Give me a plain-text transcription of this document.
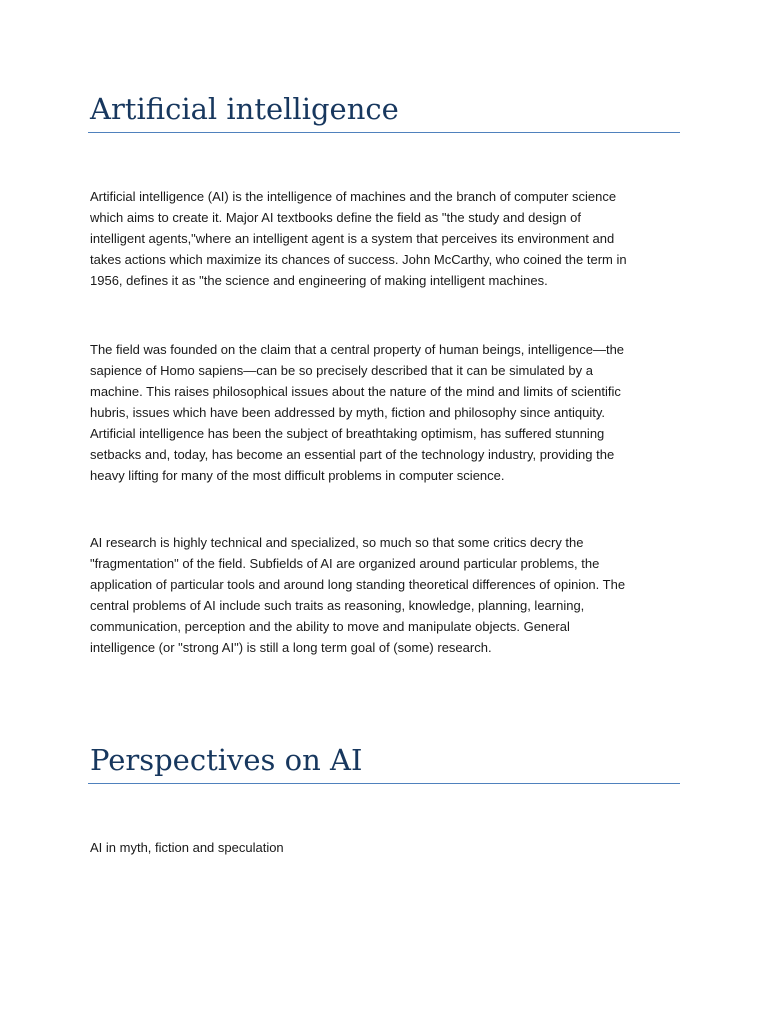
Artificial intelligence

Artificial intelligence (AI) is the intelligence of machines and the branch of computer science
which aims to create it. Major AI textbooks define the field as "the study and design of
intelligent agents,"where an intelligent agent is a system that perceives its environment and
takes actions which maximize its chances of success. John McCarthy, who coined the term in
1956, defines it as "the science and engineering of making intelligent machines.

The field was founded on the claim that a central property of human beings, intelligence—the
sapience of Homo sapiens—can be so precisely described that it can be simulated by a
machine. This raises philosophical issues about the nature of the mind and limits of scientific
hubris, issues which have been addressed by myth, fiction and philosophy since antiquity.
Artificial intelligence has been the subject of breathtaking optimism, has suffered stunning
setbacks and, today, has become an essential part of the technology industry, providing the
heavy lifting for many of the most difficult problems in computer science.

AI research is highly technical and specialized, so much so that some critics decry the
"fragmentation" of the field. Subfields of AI are organized around particular problems, the
application of particular tools and around long standing theoretical differences of opinion. The
central problems of AI include such traits as reasoning, knowledge, planning, learning,
communication, perception and the ability to move and manipulate objects. General
intelligence (or "strong AI") is still a long term goal of (some) research.

Perspectives on AI

AI in myth, fiction and speculation
